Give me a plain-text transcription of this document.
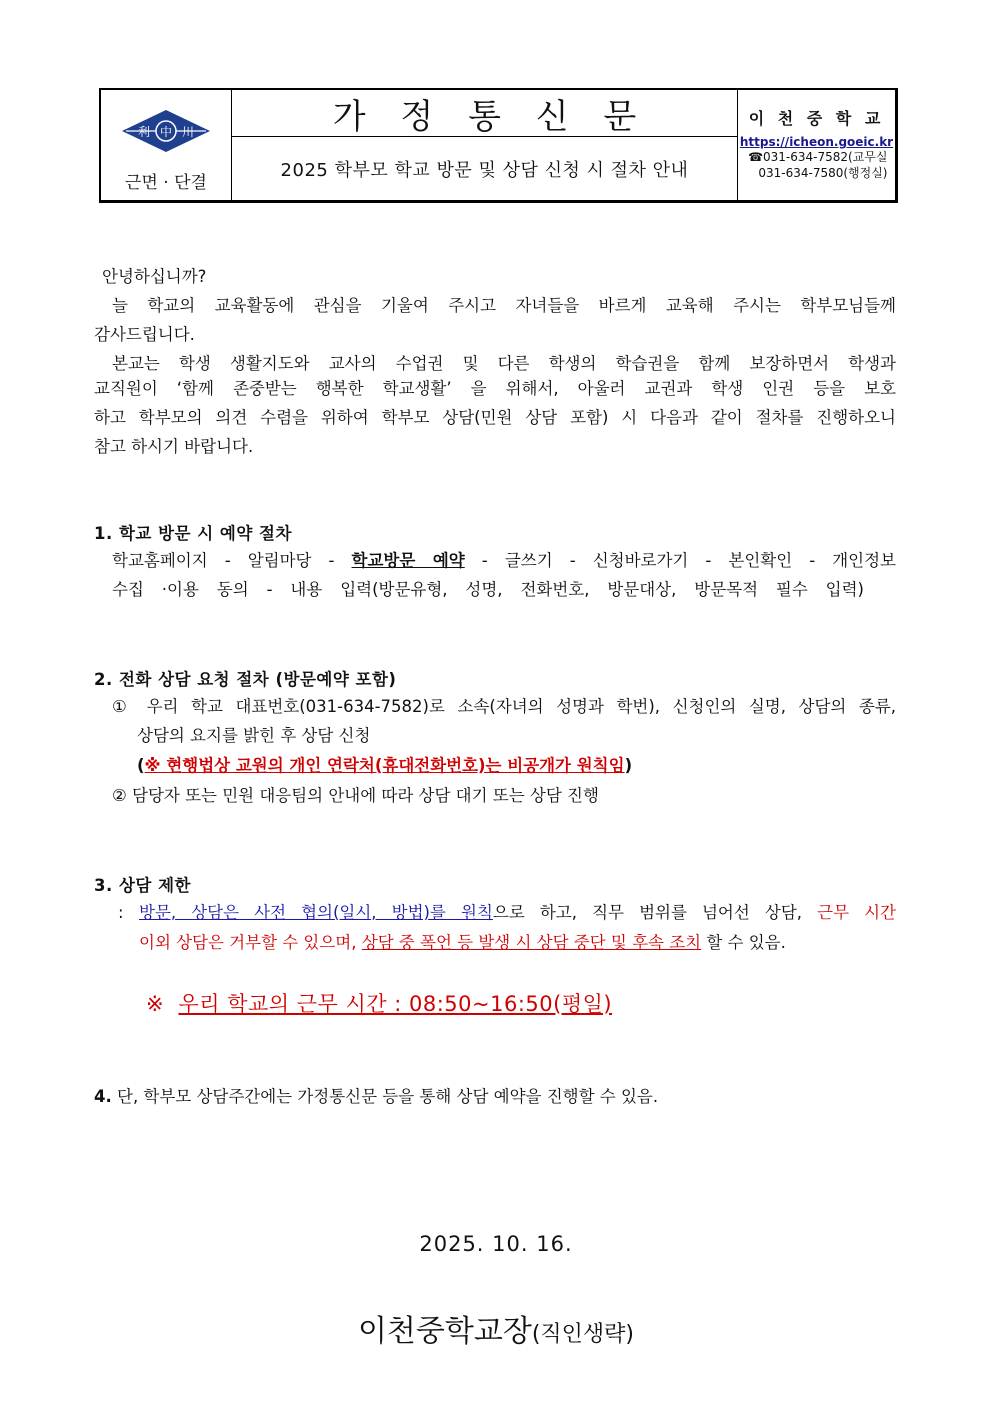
利 中 川
근면 · 단결
가 정 통 신 문
2025 학부모 학교 방문 및 상담 신청 시 절차 안내
이 천 중 학 교
https://icheon.goeic.kr
☎031-634-7582(교무실
031-634-7580(행정실)
안녕하십니까?
늘 학교의 교육활동에 관심을 기울여 주시고 자녀들을 바르게 교육해 주시는 학부모님들께
감사드립니다.
본교는 학생 생활지도와 교사의 수업권 및 다른 학생의 학습권을 함께 보장하면서 학생과
교직원이 ‘함께 존중받는 행복한 학교생활’ 을 위해서, 아울러 교권과 학생 인권 등을 보호
하고 학부모의 의견 수렴을 위하여 학부모 상담(민원 상담 포함) 시 다음과 같이 절차를 진행하오니
참고 하시기 바랍니다.
1. 학교 방문 시 예약 절차
학교홈페이지 - 알림마당 - 학교방문 예약 - 글쓰기 - 신청바로가기 - 본인확인 - 개인정보
수집 ·이용 동의 - 내용 입력(방문유형, 성명, 전화번호, 방문대상, 방문목적 필수 입력)
2. 전화 상담 요청 절차 (방문예약 포함)
① 우리 학교 대표번호(031-634-7582)로 소속(자녀의 성명과 학번), 신청인의 실명, 상담의 종류,
상담의 요지를 밝힌 후 상담 신청
(※ 현행법상 교원의 개인 연락처(휴대전화번호)는 비공개가 원칙임)
② 담당자 또는 민원 대응팀의 안내에 따라 상담 대기 또는 상담 진행
3. 상담 제한
: 방문, 상담은 사전 협의(일시, 방법)를 원칙으로 하고, 직무 범위를 넘어선 상담, 근무 시간
이외 상담은 거부할 수 있으며, 상담 중 폭언 등 발생 시 상담 중단 및 후속 조치 할 수 있음.
※ 우리 학교의 근무 시간 : 08:50~16:50(평일)
4. 단, 학부모 상담주간에는 가정통신문 등을 통해 상담 예약을 진행할 수 있음.
2025. 10. 16.
이천중학교장(직인생략)
